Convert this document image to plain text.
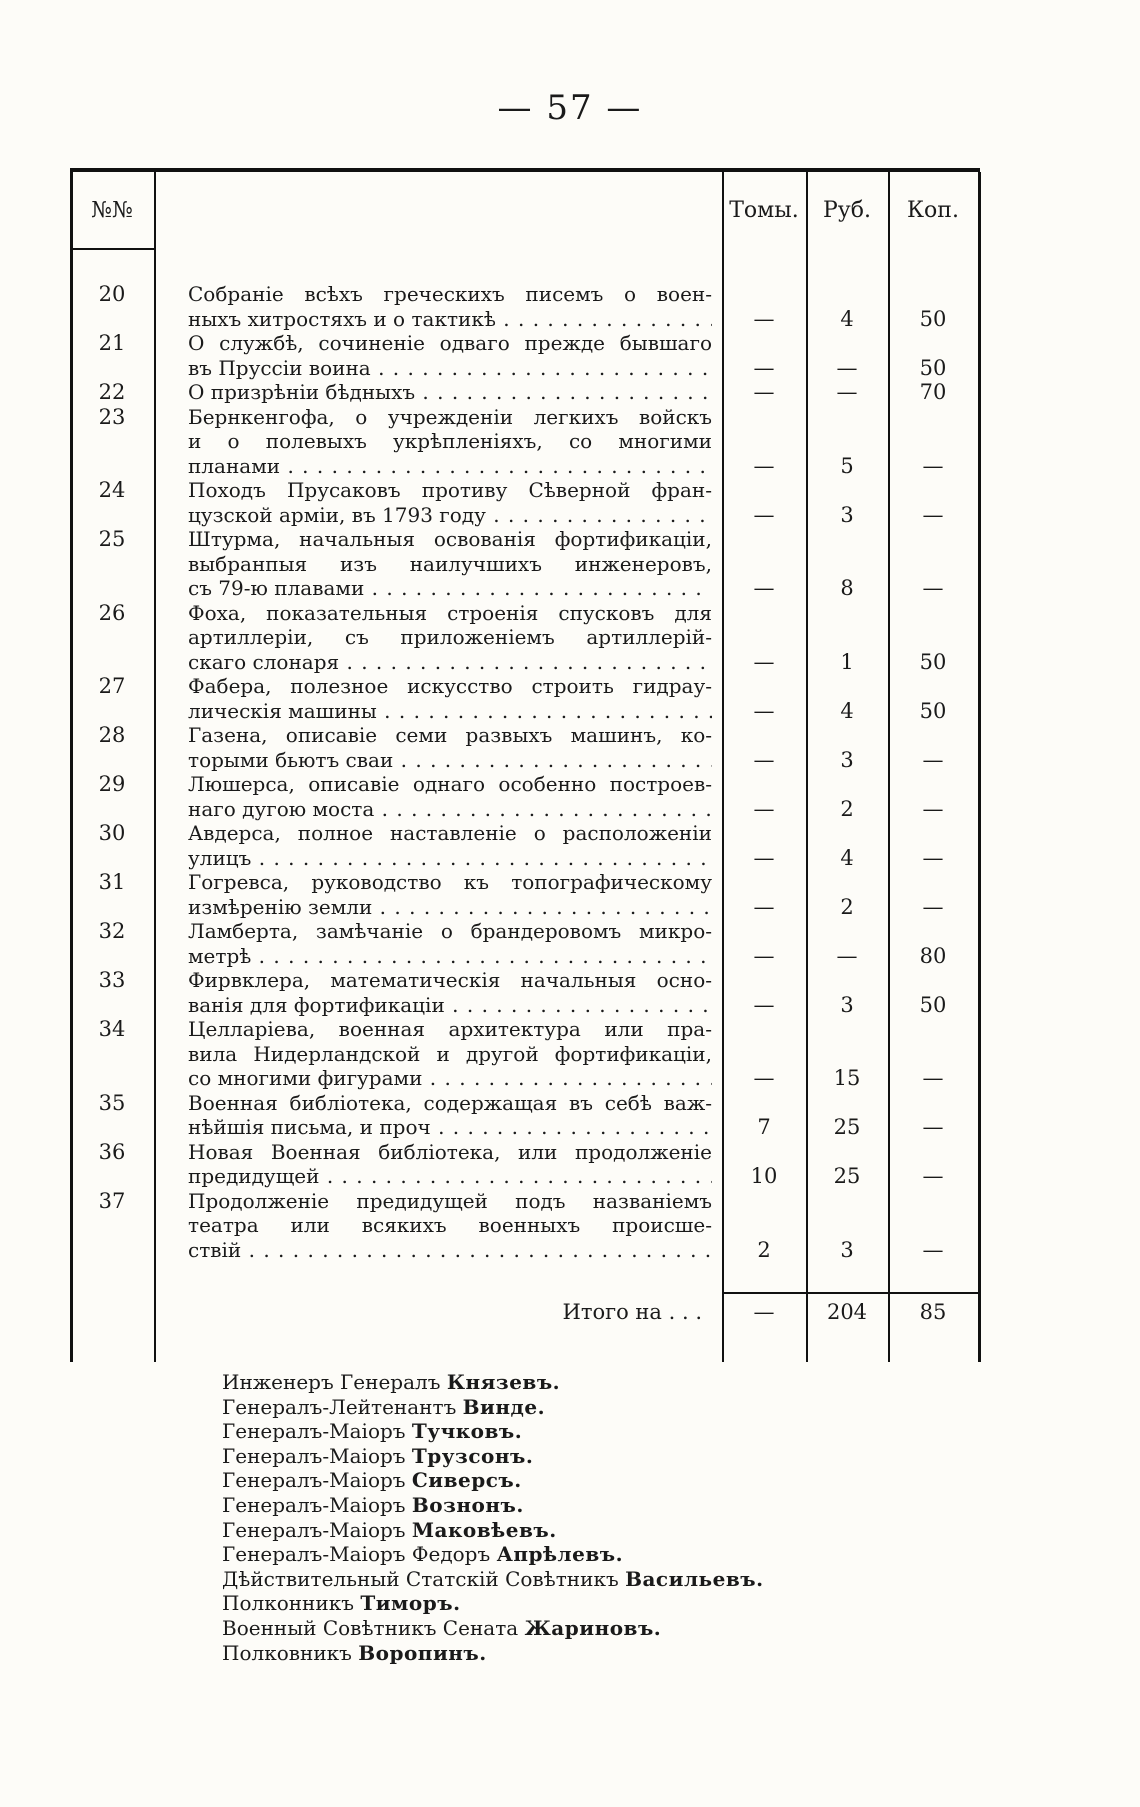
— 57 —
№№	Томы.	Руб.	Коп.
20	Собраніе всѣхъ греческихъ писемъ о воен-
ныхъ хитростяхъ и о тактикѣ . . .	—	4	50
21	О службѣ, сочиненіе одваго прежде бывшаго
въ Пруссіи воина . . .	—	—	50
22	О призрѣніи бѣдныхъ . . .	—	—	70
23	Бернкенгофа, о учрежденіи легкихъ войскъ
и о полевыхъ укрѣпленіяхъ, со многими
планами . . .	—	5	—
24	Походъ Прусаковъ противу Сѣверной фран-
цузской арміи, въ 1793 году . . .	—	3	—
25	Штурма, начальныя освованія фортификаціи,
выбранпыя изъ наилучшихъ инженеровъ,
съ 79-ю плавами . . .	—	8	—
26	Фоха, показательныя строенія спусковъ для
артиллеріи, съ приложеніемъ артиллерій-
скаго слонаря . . .	—	1	50
27	Фабера, полезное искусство строить гидрау-
лическія машины . . .	—	4	50
28	Газена, описавіе семи развыхъ машинъ, ко-
торыми бьютъ сваи . . .	—	3	—
29	Люшерса, описавіе однаго особенно построев-
наго дугою моста . . .	—	2	—
30	Авдерса, полное наставленіе о расположеніи
улицъ . . .	—	4	—
31	Гогревса, руководство къ топографическому
измѣренію земли . . .	—	2	—
32	Ламберта, замѣчаніе о брандеровомъ микро-
метрѣ . . .	—	—	80
33	Фирвклера, математическія начальныя осно-
ванія для фортификаціи . . .	—	3	50
34	Целларіева, военная архитектура или пра-
вила Нидерландской и другой фортификаціи,
со многими фигурами . . .	—	15	—
35	Военная библіотека, содержащая въ себѣ важ-
нѣйшія письма, и проч . . .	7	25	—
36	Новая Военная библіотека, или продолженіе
предидущей . . .	10	25	—
37	Продолженіе предидущей подъ названіемъ
театра или всякихъ военныхъ происше-
ствій . . .	2	3	—
Итого на . . .	—	204	85
Инженеръ Генералъ Князевъ.
Генералъ-Лейтенантъ Винде.
Генералъ-Маіоръ Тучковъ.
Генералъ-Маіоръ Трузсонъ.
Генералъ-Маіоръ Сиверсъ.
Генералъ-Маіоръ Вознонъ.
Генералъ-Маіоръ Маковѣевъ.
Генералъ-Маіоръ Федоръ Апрѣлевъ.
Дѣйствительный Статскій Совѣтникъ Васильевъ.
Полконникъ Тиморъ.
Военный Совѣтникъ Сената Жариновъ.
Полковникъ Воропинъ.
